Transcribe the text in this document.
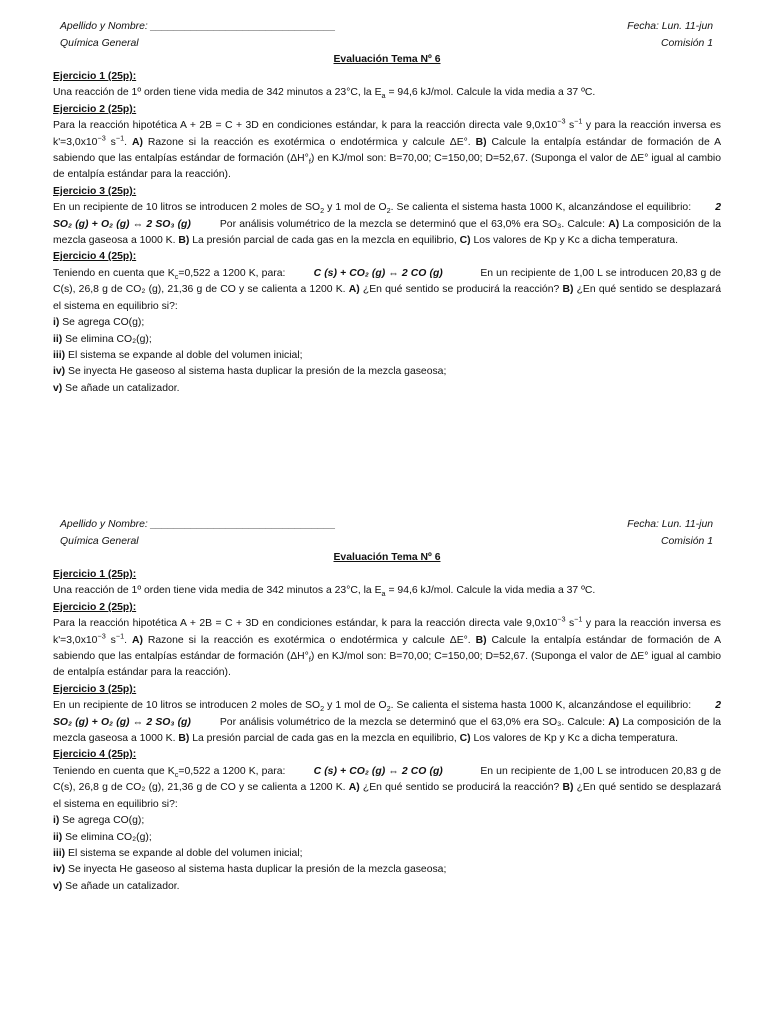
Apellido y Nombre: ________________________________	Fecha: Lun. 11-jun
Química General	Comisión 1
Evaluación Tema Nº 6
Ejercicio 1 (25p):
Una reacción de 1º orden tiene vida media de 342 minutos a 23°C, la $E_a = 94,6$ kJ/mol. Calcule la vida media a 37 ºC.
Ejercicio 2 (25p):
Para la reacción hipotética A + 2B = C + 3D en condiciones estándar, k para la reacción directa vale $9,0x10^{-3}$ $s^{-1}$ y para la reacción inversa es $k'=3,0x10^{-3}$ $s^{-1}$. A) Razone si la reacción es exotérmica o endotérmica y calcule ΔE°. B) Calcule la entalpía estándar de formación de A sabiendo que las entalpías estándar de formación $(\Delta H^\circ_f)$ en KJ/mol son: B=70,00; C=150,00; D=52,67. (Suponga el valor de ΔE° igual al cambio de entalpía estándar para la reacción).
Ejercicio 3 (25p):
En un recipiente de 10 litros se introducen 2 moles de $SO_2$ y 1 mol de $O_2$. Se calienta el sistema hasta 1000 K, alcanzándose el equilibrio: 2 SO₂ (g) + O₂ (g) ⇔ 2 SO₃ (g)	Por análisis volumétrico de la mezcla se determinó que el 63,0% era SO₃. Calcule: A) La composición de la mezcla gaseosa a 1000 K. B) La presión parcial de cada gas en la mezcla en equilibrio, C) Los valores de Kp y Kc a dicha temperatura.
Ejercicio 4 (25p):
Teniendo en cuenta que $K_c=0,522$ a 1200 K, para:	C (s) + CO₂ (g) ⇔ 2 CO (g)	En un recipiente de 1,00 L se introducen 20,83 g de C(s), 26,8 g de CO₂ (g), 21,36 g de CO y se calienta a 1200 K. A) ¿En qué sentido se producirá la reacción? B) ¿En qué sentido se desplazará el sistema en equilibrio si?:
i) Se agrega CO(g);
ii) Se elimina CO₂(g);
iii) El sistema se expande al doble del volumen inicial;
iv) Se inyecta He gaseoso al sistema hasta duplicar la presión de la mezcla gaseosa;
v) Se añade un catalizador.
Apellido y Nombre: ________________________________	Fecha: Lun. 11-jun
Química General	Comisión 1
Evaluación Tema Nº 6
Ejercicio 1 (25p):
Una reacción de 1º orden tiene vida media de 342 minutos a 23°C, la $E_a = 94,6$ kJ/mol. Calcule la vida media a 37 ºC.
Ejercicio 2 (25p):
Para la reacción hipotética A + 2B = C + 3D en condiciones estándar, k para la reacción directa vale $9,0x10^{-3}$ $s^{-1}$ y para la reacción inversa es $k'=3,0x10^{-3}$ $s^{-1}$. A) Razone si la reacción es exotérmica o endotérmica y calcule ΔE°. B) Calcule la entalpía estándar de formación de A sabiendo que las entalpías estándar de formación $(\Delta H^\circ_f)$ en KJ/mol son: B=70,00; C=150,00; D=52,67. (Suponga el valor de ΔE° igual al cambio de entalpía estándar para la reacción).
Ejercicio 3 (25p):
En un recipiente de 10 litros se introducen 2 moles de $SO_2$ y 1 mol de $O_2$. Se calienta el sistema hasta 1000 K, alcanzándose el equilibrio: 2 SO₂ (g) + O₂ (g) ⇔ 2 SO₃ (g)	Por análisis volumétrico de la mezcla se determinó que el 63,0% era SO₃. Calcule: A) La composición de la mezcla gaseosa a 1000 K. B) La presión parcial de cada gas en la mezcla en equilibrio, C) Los valores de Kp y Kc a dicha temperatura.
Ejercicio 4 (25p):
Teniendo en cuenta que $K_c=0,522$ a 1200 K, para:	C (s) + CO₂ (g) ⇔ 2 CO (g)	En un recipiente de 1,00 L se introducen 20,83 g de C(s), 26,8 g de CO₂ (g), 21,36 g de CO y se calienta a 1200 K. A) ¿En qué sentido se producirá la reacción? B) ¿En qué sentido se desplazará el sistema en equilibrio si?:
i) Se agrega CO(g);
ii) Se elimina CO₂(g);
iii) El sistema se expande al doble del volumen inicial;
iv) Se inyecta He gaseoso al sistema hasta duplicar la presión de la mezcla gaseosa;
v) Se añade un catalizador.
